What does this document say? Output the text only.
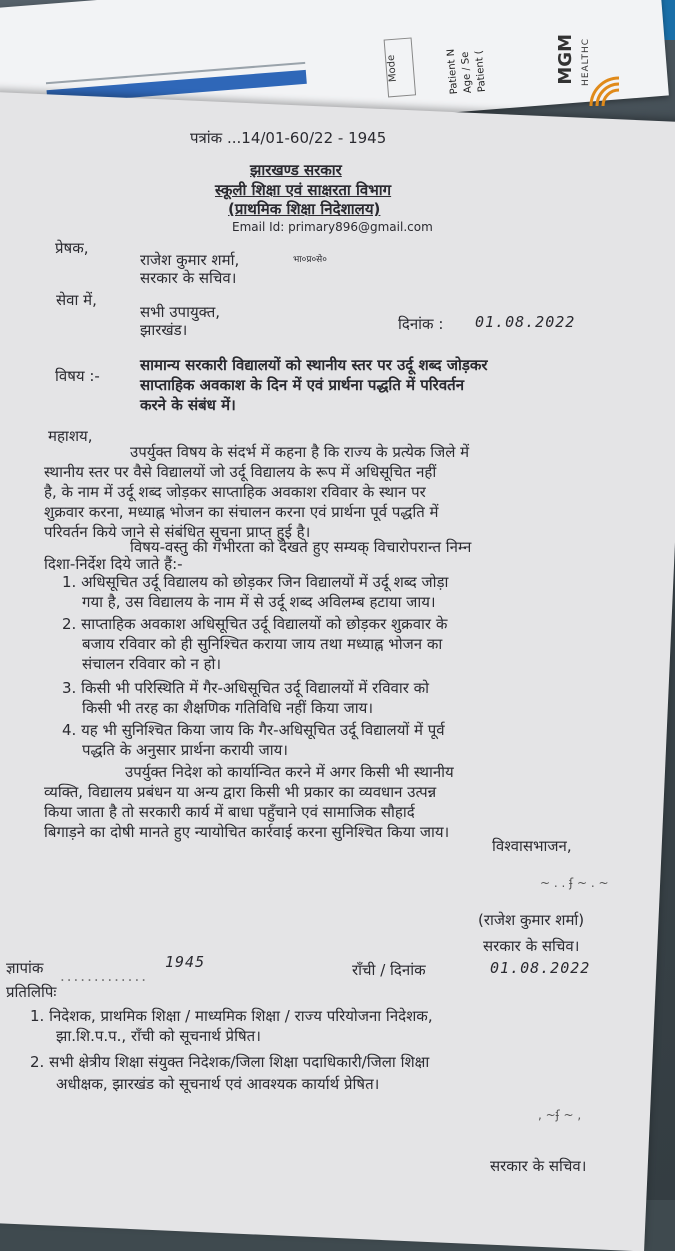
Mode	Patient N Age / Se Patient (	MGM HEALTHC
पत्रांक ...14/01-60/22 - 1945
झारखण्ड सरकार
स्कूली शिक्षा एवं साक्षरता विभाग
(प्राथमिक शिक्षा निदेशालय)
Email Id: primary896@gmail.com
प्रेषक,
राजेश कुमार शर्मा,	भा०प्र०से०
सरकार के सचिव।
सेवा में,
सभी उपायुक्त,
झारखंड।	दिनांक : 01.08.2022
विषय :-
सामान्य सरकारी विद्यालयों को स्थानीय स्तर पर उर्दू शब्द जोड़कर
साप्ताहिक अवकाश के दिन में एवं प्रार्थना पद्धति में परिवर्तन
करने के संबंध में।
महाशय,
उपर्युक्त विषय के संदर्भ में कहना है कि राज्य के प्रत्येक जिले में
स्थानीय स्तर पर वैसे विद्यालयों जो उर्दू विद्यालय के रूप में अधिसूचित नहीं
है, के नाम में उर्दू शब्द जोड़कर साप्ताहिक अवकाश रविवार के स्थान पर
शुक्रवार करना, मध्याह्न भोजन का संचालन करना एवं प्रार्थना पूर्व पद्धति में
परिवर्तन किये जाने से संबंधित सूचना प्राप्त हुई है।
विषय-वस्तु की गंभीरता को देखते हुए सम्यक् विचारोपरान्त निम्न
दिशा-निर्देश दिये जाते हैं:-
1. अधिसूचित उर्दू विद्यालय को छोड़कर जिन विद्यालयों में उर्दू शब्द जोड़ा
गया है, उस विद्यालय के नाम में से उर्दू शब्द अविलम्ब हटाया जाय।
2. साप्ताहिक अवकाश अधिसूचित उर्दू विद्यालयों को छोड़कर शुक्रवार के
बजाय रविवार को ही सुनिश्चित कराया जाय तथा मध्याह्न भोजन का
संचालन रविवार को न हो।
3. किसी भी परिस्थिति में गैर-अधिसूचित उर्दू विद्यालयों में रविवार को
किसी भी तरह का शैक्षणिक गतिविधि नहीं किया जाय।
4. यह भी सुनिश्चित किया जाय कि गैर-अधिसूचित उर्दू विद्यालयों में पूर्व
पद्धति के अनुसार प्रार्थना करायी जाय।
उपर्युक्त निदेश को कार्यान्वित करने में अगर किसी भी स्थानीय
व्यक्ति, विद्यालय प्रबंधन या अन्य द्वारा किसी भी प्रकार का व्यवधान उत्पन्न
किया जाता है तो सरकारी कार्य में बाधा पहुँचाने एवं सामाजिक सौहार्द
बिगाड़ने का दोषी मानते हुए न्यायोचित कार्रवाई करना सुनिश्चित किया जाय।
विश्वासभाजन,
~ . . ʄ ~ . ~
(राजेश कुमार शर्मा)
सरकार के सचिव।
ज्ञापांक .............
1945	राँची / दिनांक	01.08.2022
प्रतिलिपिः
1. निदेशक, प्राथमिक शिक्षा / माध्यमिक शिक्षा / राज्य परियोजना निदेशक,
झा.शि.प.प., राँची को सूचनार्थ प्रेषित।
2. सभी क्षेत्रीय शिक्षा संयुक्त निदेशक/जिला शिक्षा पदाधिकारी/जिला शिक्षा
अधीक्षक, झारखंड को सूचनार्थ एवं आवश्यक कार्यार्थ प्रेषित।
, ~ʄ ~ ,
सरकार के सचिव।
